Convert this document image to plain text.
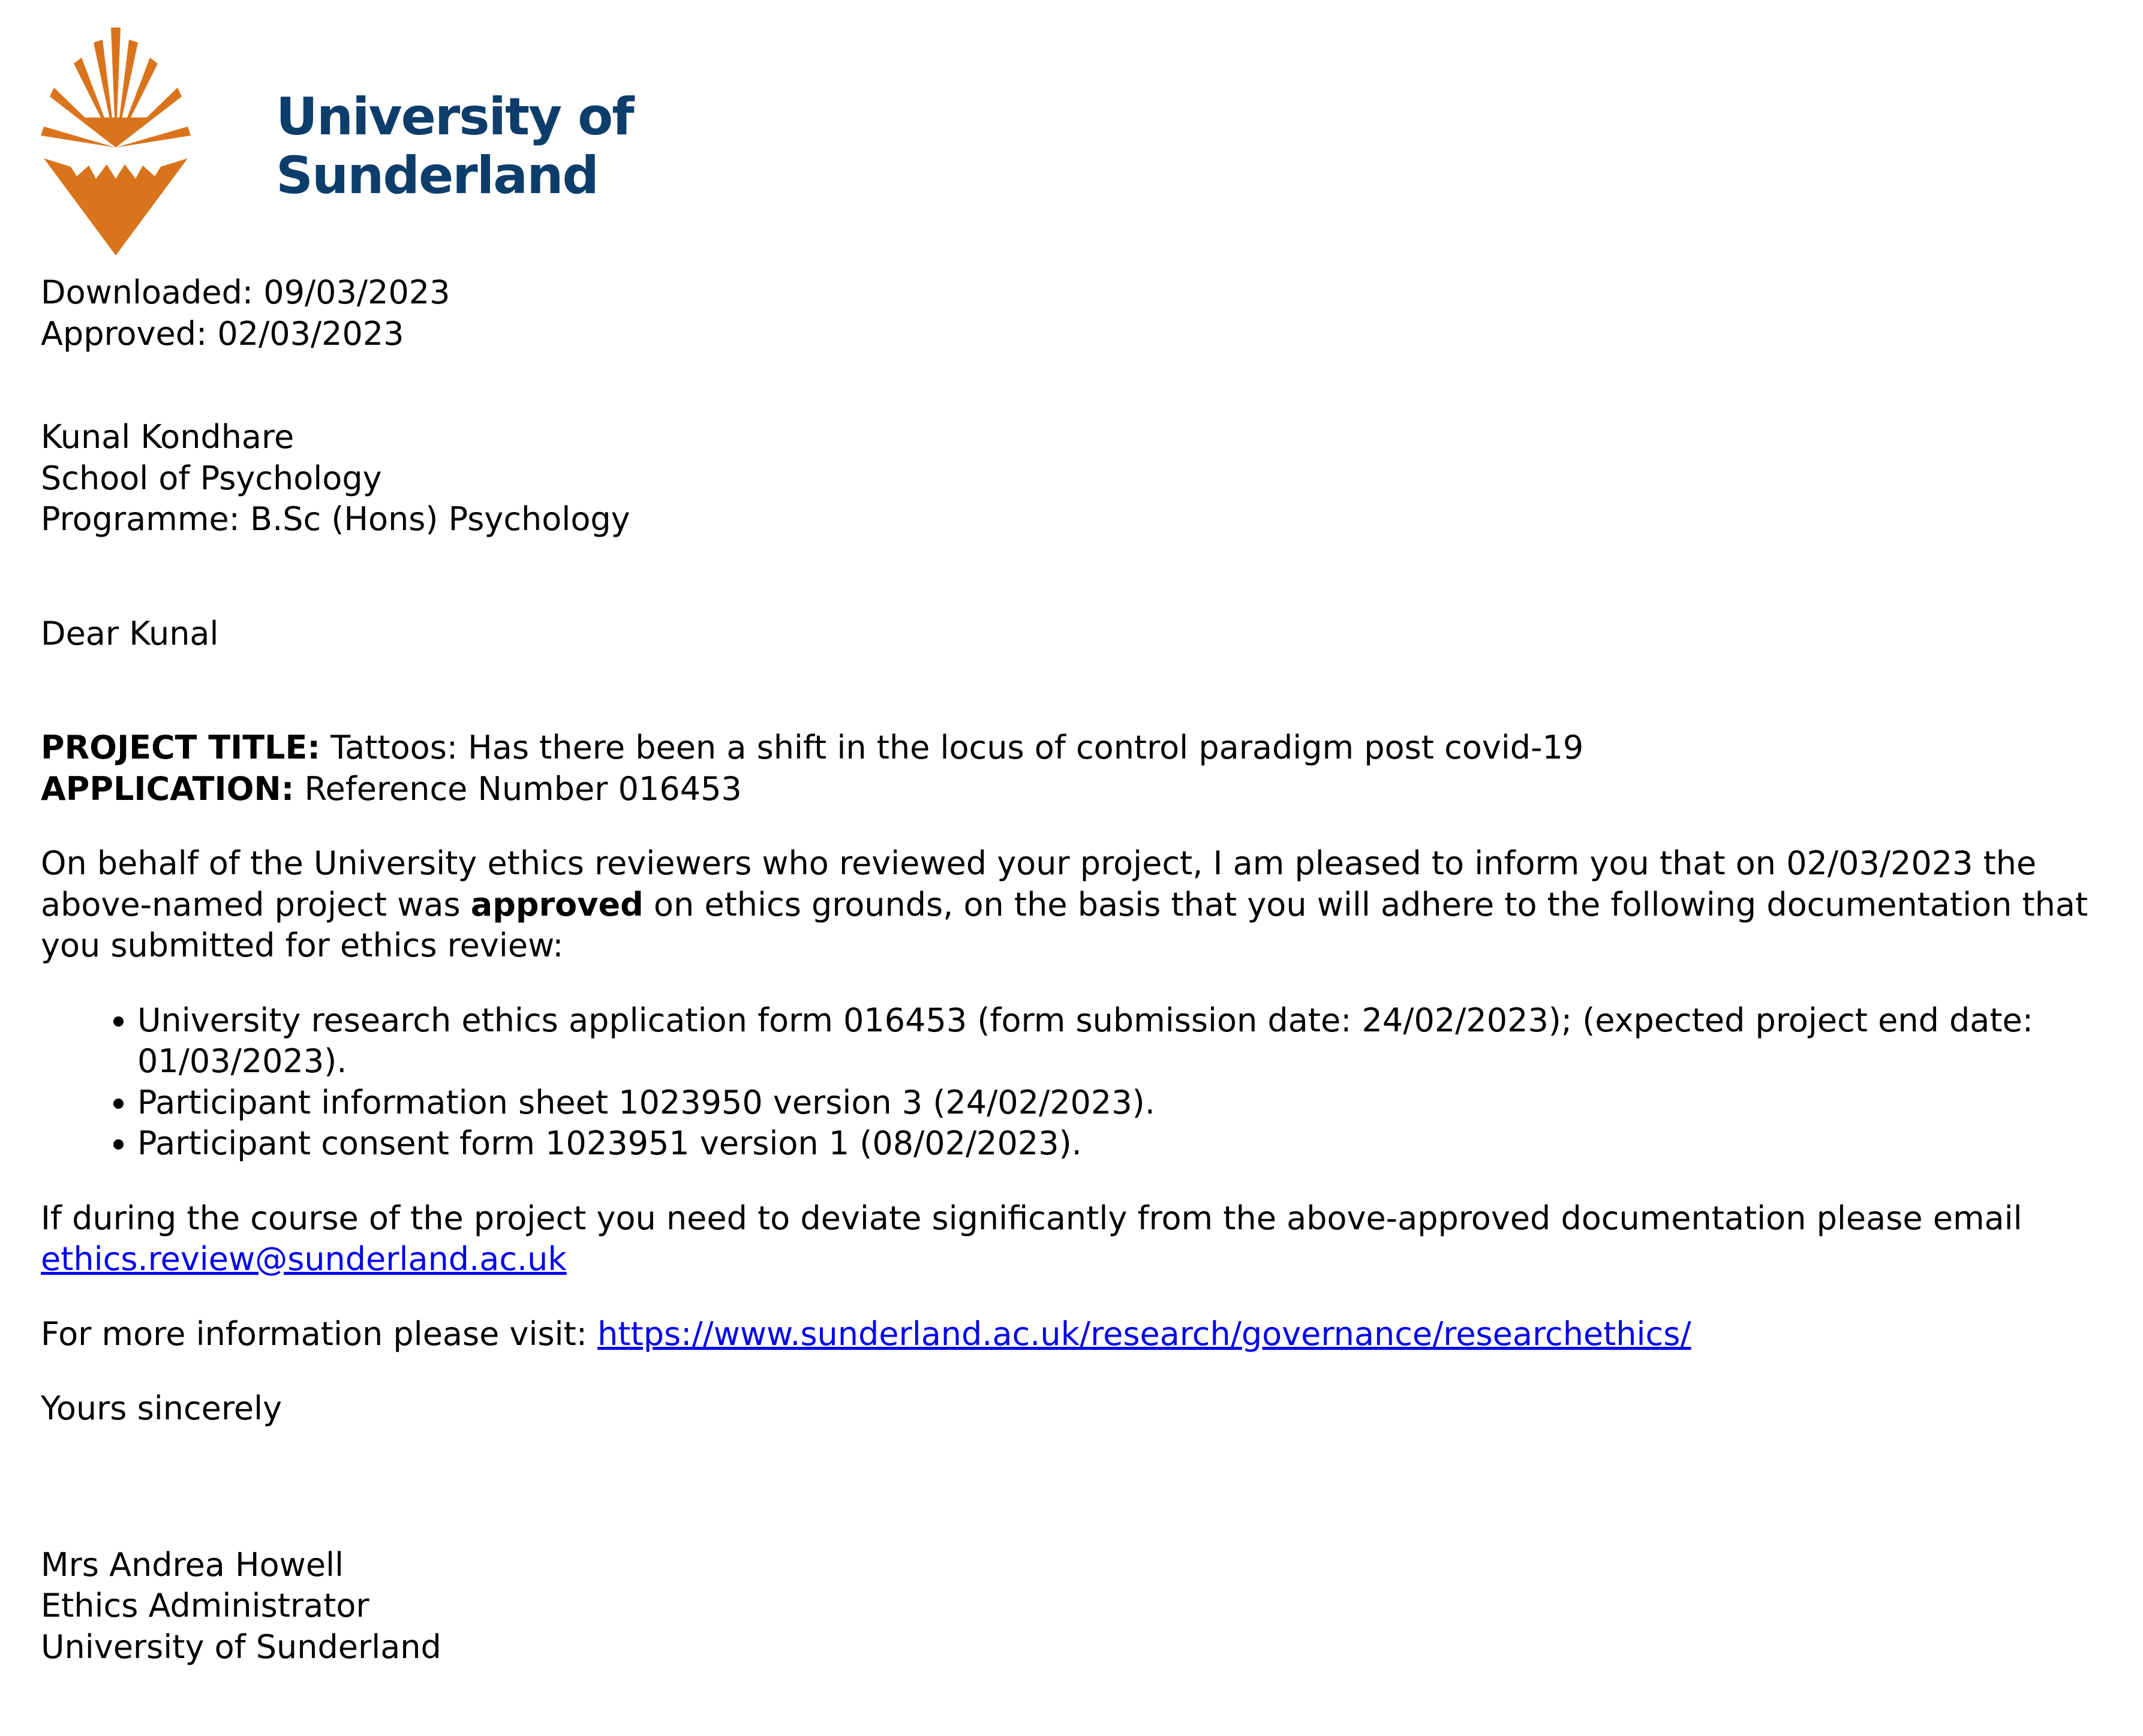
University of
Sunderland
Downloaded: 09/03/2023
Approved: 02/03/2023
Kunal Kondhare
School of Psychology
Programme: B.Sc (Hons) Psychology
Dear Kunal
PROJECT TITLE: Tattoos: Has there been a shift in the locus of control paradigm post covid-19
APPLICATION: Reference Number 016453
On behalf of the University ethics reviewers who reviewed your project, I am pleased to inform you that on 02/03/2023 the above-named project was approved on ethics grounds, on the basis that you will adhere to the following documentation that you submitted for ethics review:
• University research ethics application form 016453 (form submission date: 24/02/2023); (expected project end date: 01/03/2023).
• Participant information sheet 1023950 version 3 (24/02/2023).
• Participant consent form 1023951 version 1 (08/02/2023).
If during the course of the project you need to deviate significantly from the above-approved documentation please email
ethics.review@sunderland.ac.uk
For more information please visit: https://www.sunderland.ac.uk/research/governance/researchethics/
Yours sincerely
Mrs Andrea Howell
Ethics Administrator
University of Sunderland
